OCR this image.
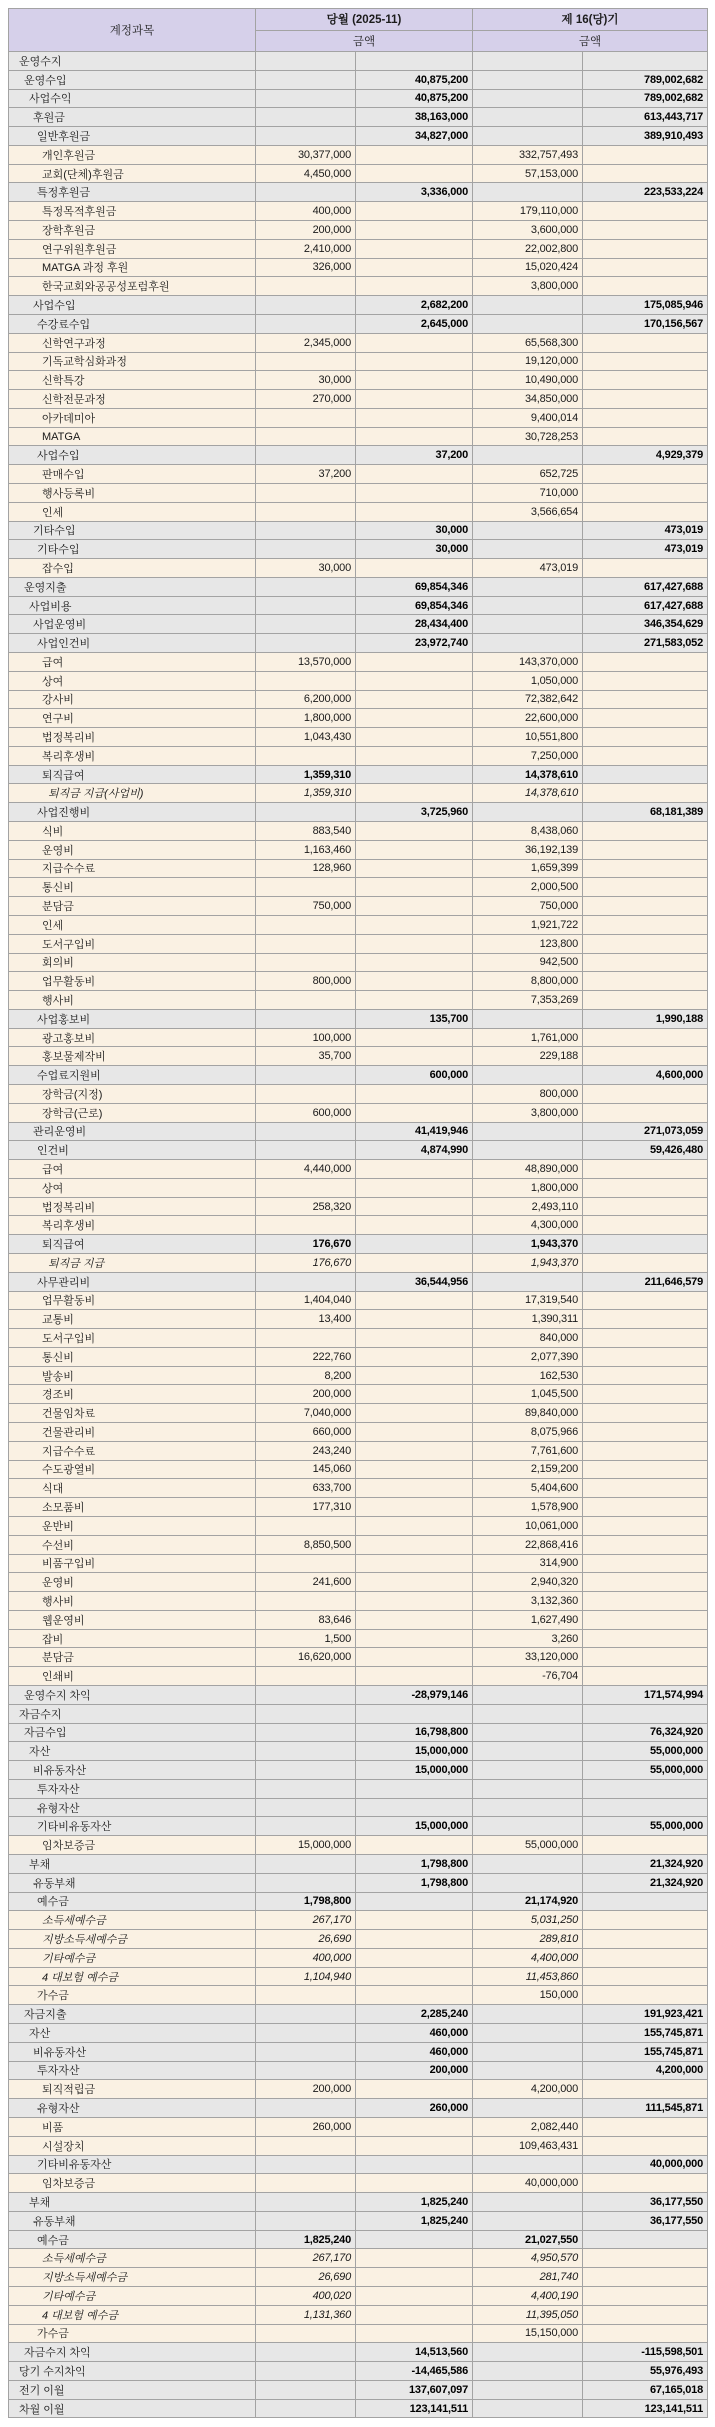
계정과목	당월 (2025-11)		제 16(당)기	
	금액		금액	
운영수지				
운영수입		40,875,200		789,002,682
사업수익		40,875,200		789,002,682
후원금		38,163,000		613,443,717
일반후원금		34,827,000		389,910,493
개인후원금	30,377,000		332,757,493	
교회(단체)후원금	4,450,000		57,153,000	
특정후원금		3,336,000		223,533,224
특정목적후원금	400,000		179,110,000	
장학후원금	200,000		3,600,000	
연구위원후원금	2,410,000		22,002,800	
MATGA 과정 후원	326,000		15,020,424	
한국교회와공공성포럼후원			3,800,000	
사업수입		2,682,200		175,085,946
수강료수입		2,645,000		170,156,567
신학연구과정	2,345,000		65,568,300	
기독교학심화과정			19,120,000	
신학특강	30,000		10,490,000	
신학전문과정	270,000		34,850,000	
아카데미아			9,400,014	
MATGA			30,728,253	
사업수입		37,200		4,929,379
판매수입	37,200		652,725	
행사등록비			710,000	
인세			3,566,654	
기타수입		30,000		473,019
기타수입		30,000		473,019
잡수입	30,000		473,019	
운영지출		69,854,346		617,427,688
사업비용		69,854,346		617,427,688
사업운영비		28,434,400		346,354,629
사업인건비		23,972,740		271,583,052
급여	13,570,000		143,370,000	
상여			1,050,000	
강사비	6,200,000		72,382,642	
연구비	1,800,000		22,600,000	
법정복리비	1,043,430		10,551,800	
복리후생비			7,250,000	
퇴직급여	1,359,310		14,378,610	
퇴직금 지급(사업비)	1,359,310		14,378,610	
사업진행비		3,725,960		68,181,389
식비	883,540		8,438,060	
운영비	1,163,460		36,192,139	
지급수수료	128,960		1,659,399	
통신비			2,000,500	
분담금	750,000		750,000	
인세			1,921,722	
도서구입비			123,800	
회의비			942,500	
업무활동비	800,000		8,800,000	
행사비			7,353,269	
사업홍보비		135,700		1,990,188
광고홍보비	100,000		1,761,000	
홍보물제작비	35,700		229,188	
수업료지원비		600,000		4,600,000
장학금(지정)			800,000	
장학금(근로)	600,000		3,800,000	
관리운영비		41,419,946		271,073,059
인건비		4,874,990		59,426,480
급여	4,440,000		48,890,000	
상여			1,800,000	
법정복리비	258,320		2,493,110	
복리후생비			4,300,000	
퇴직급여	176,670		1,943,370	
퇴직금 지급	176,670		1,943,370	
사무관리비		36,544,956		211,646,579
업무활동비	1,404,040		17,319,540	
교통비	13,400		1,390,311	
도서구입비			840,000	
통신비	222,760		2,077,390	
발송비	8,200		162,530	
경조비	200,000		1,045,500	
건물임차료	7,040,000		89,840,000	
건물관리비	660,000		8,075,966	
지급수수료	243,240		7,761,600	
수도광열비	145,060		2,159,200	
식대	633,700		5,404,600	
소모품비	177,310		1,578,900	
운반비			10,061,000	
수선비	8,850,500		22,868,416	
비품구입비			314,900	
운영비	241,600		2,940,320	
행사비			3,132,360	
웹운영비	83,646		1,627,490	
잡비	1,500		3,260	
분담금	16,620,000		33,120,000	
인쇄비			-76,704	
운영수지 차익		-28,979,146		171,574,994
자금수지				
자금수입		16,798,800		76,324,920
자산		15,000,000		55,000,000
비유동자산		15,000,000		55,000,000
투자자산				
유형자산				
기타비유동자산		15,000,000		55,000,000
임차보증금	15,000,000		55,000,000	
부채		1,798,800		21,324,920
유동부채		1,798,800		21,324,920
예수금	1,798,800		21,174,920	
소득세예수금	267,170		5,031,250	
지방소득세예수금	26,690		289,810	
기타예수금	400,000		4,400,000	
4 대보험 예수금	1,104,940		11,453,860	
가수금			150,000	
자금지출		2,285,240		191,923,421
자산		460,000		155,745,871
비유동자산		460,000		155,745,871
투자자산		200,000		4,200,000
퇴직적립금	200,000		4,200,000	
유형자산		260,000		111,545,871
비품	260,000		2,082,440	
시설장치			109,463,431	
기타비유동자산				40,000,000
임차보증금			40,000,000	
부채		1,825,240		36,177,550
유동부채		1,825,240		36,177,550
예수금	1,825,240		21,027,550	
소득세예수금	267,170		4,950,570	
지방소득세예수금	26,690		281,740	
기타예수금	400,020		4,400,190	
4 대보험 예수금	1,131,360		11,395,050	
가수금			15,150,000	
자금수지 차익		14,513,560		-115,598,501
당기 수지차익		-14,465,586		55,976,493
전기 이월		137,607,097		67,165,018
차월 이월		123,141,511		123,141,511
